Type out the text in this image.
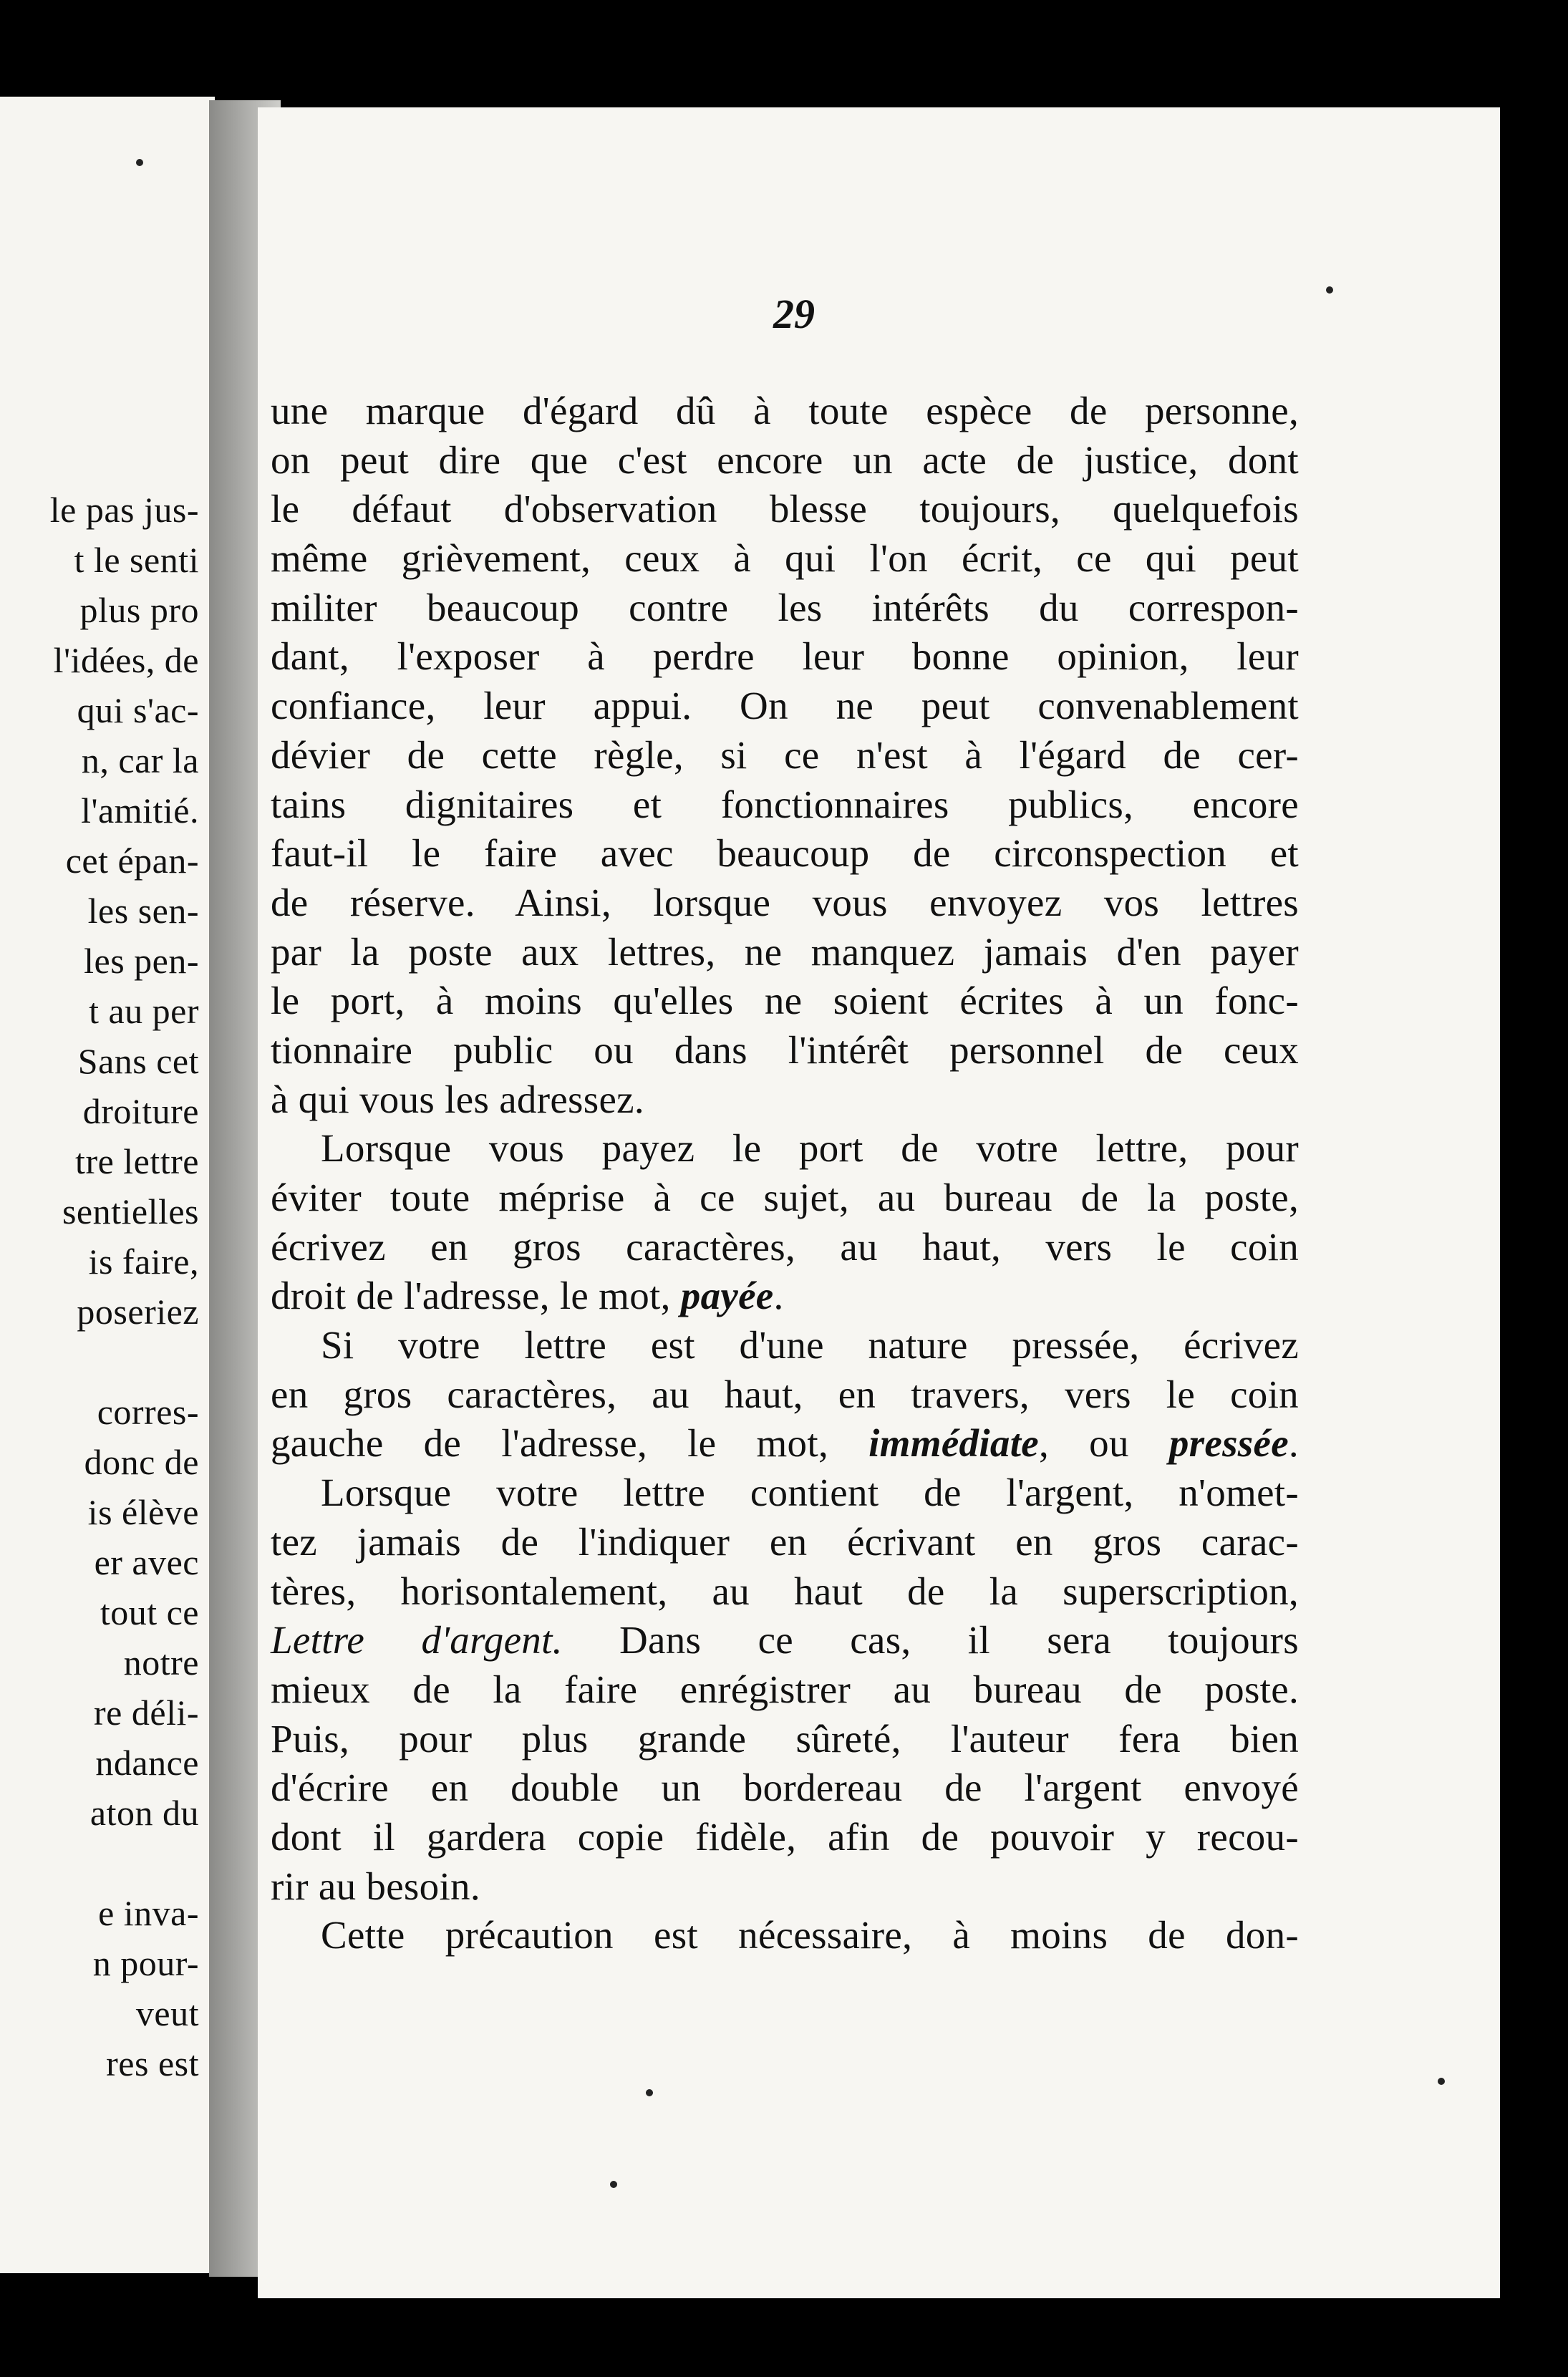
le pas jus-
t le senti
plus pro
l'idées, de
qui s'ac-
n, car la
l'amitié.
cet épan-
les sen-
les pen-
t au per
Sans cet
droiture
tre lettre
sentielles
is faire,
poseriez
corres-
donc de
is élève
er avec
tout ce
notre
re déli-
ndance
aton du
e inva-
n pour-
veut
res est
29
une marque d'égard dû à toute espèce de personne,
on peut dire que c'est encore un acte de justice, dont
le défaut d'observation blesse toujours, quelquefois
même grièvement, ceux à qui l'on écrit, ce qui peut
militer beaucoup contre les intérêts du correspon-
dant, l'exposer à perdre leur bonne opinion, leur
confiance, leur appui. On ne peut convenablement
dévier de cette règle, si ce n'est à l'égard de cer-
tains dignitaires et fonctionnaires publics, encore
faut-il le faire avec beaucoup de circonspection et
de réserve. Ainsi, lorsque vous envoyez vos lettres
par la poste aux lettres, ne manquez jamais d'en payer
le port, à moins qu'elles ne soient écrites à un fonc-
tionnaire public ou dans l'intérêt personnel de ceux
à qui vous les adressez.
Lorsque vous payez le port de votre lettre, pour
éviter toute méprise à ce sujet, au bureau de la poste,
écrivez en gros caractères, au haut, vers le coin
droit de l'adresse, le mot, payée.
Si votre lettre est d'une nature pressée, écrivez
en gros caractères, au haut, en travers, vers le coin
gauche de l'adresse, le mot, immédiate, ou pressée.
Lorsque votre lettre contient de l'argent, n'omet-
tez jamais de l'indiquer en écrivant en gros carac-
tères, horisontalement, au haut de la superscription,
Lettre d'argent. Dans ce cas, il sera toujours
mieux de la faire enrégistrer au bureau de poste.
Puis, pour plus grande sûreté, l'auteur fera bien
d'écrire en double un bordereau de l'argent envoyé
dont il gardera copie fidèle, afin de pouvoir y recou-
rir au besoin.
Cette précaution est nécessaire, à moins de don-
